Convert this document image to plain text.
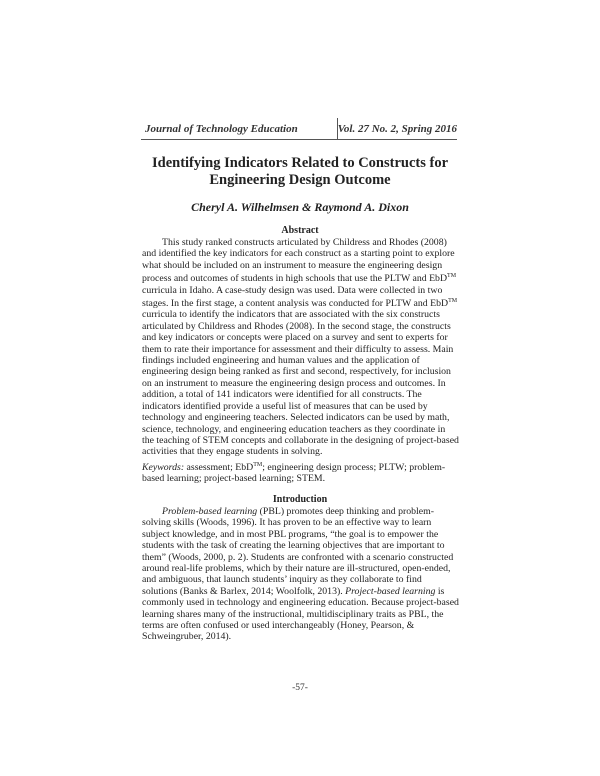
Journal of Technology Education	Vol. 27 No. 2, Spring 2016
Identifying Indicators Related to Constructs for
Engineering Design Outcome
Cheryl A. Wilhelmsen & Raymond A. Dixon
Abstract
This study ranked constructs articulated by Childress and Rhodes (2008)
and identified the key indicators for each construct as a starting point to explore
what should be included on an instrument to measure the engineering design
process and outcomes of students in high schools that use the PLTW and EbD™
curricula in Idaho. A case-study design was used. Data were collected in two
stages. In the first stage, a content analysis was conducted for PLTW and EbD™
curricula to identify the indicators that are associated with the six constructs
articulated by Childress and Rhodes (2008). In the second stage, the constructs
and key indicators or concepts were placed on a survey and sent to experts for
them to rate their importance for assessment and their difficulty to assess. Main
findings included engineering and human values and the application of
engineering design being ranked as first and second, respectively, for inclusion
on an instrument to measure the engineering design process and outcomes. In
addition, a total of 141 indicators were identified for all constructs. The
indicators identified provide a useful list of measures that can be used by
technology and engineering teachers. Selected indicators can be used by math,
science, technology, and engineering education teachers as they coordinate in
the teaching of STEM concepts and collaborate in the designing of project-based
activities that they engage students in solving.
Keywords: assessment; EbD™; engineering design process; PLTW; problem-
based learning; project-based learning; STEM.
Introduction
Problem-based learning (PBL) promotes deep thinking and problem-
solving skills (Woods, 1996). It has proven to be an effective way to learn
subject knowledge, and in most PBL programs, “the goal is to empower the
students with the task of creating the learning objectives that are important to
them” (Woods, 2000, p. 2). Students are confronted with a scenario constructed
around real-life problems, which by their nature are ill-structured, open-ended,
and ambiguous, that launch students’ inquiry as they collaborate to find
solutions (Banks & Barlex, 2014; Woolfolk, 2013). Project-based learning is
commonly used in technology and engineering education. Because project-based
learning shares many of the instructional, multidisciplinary traits as PBL, the
terms are often confused or used interchangeably (Honey, Pearson, &
Schweingruber, 2014).
-57-
